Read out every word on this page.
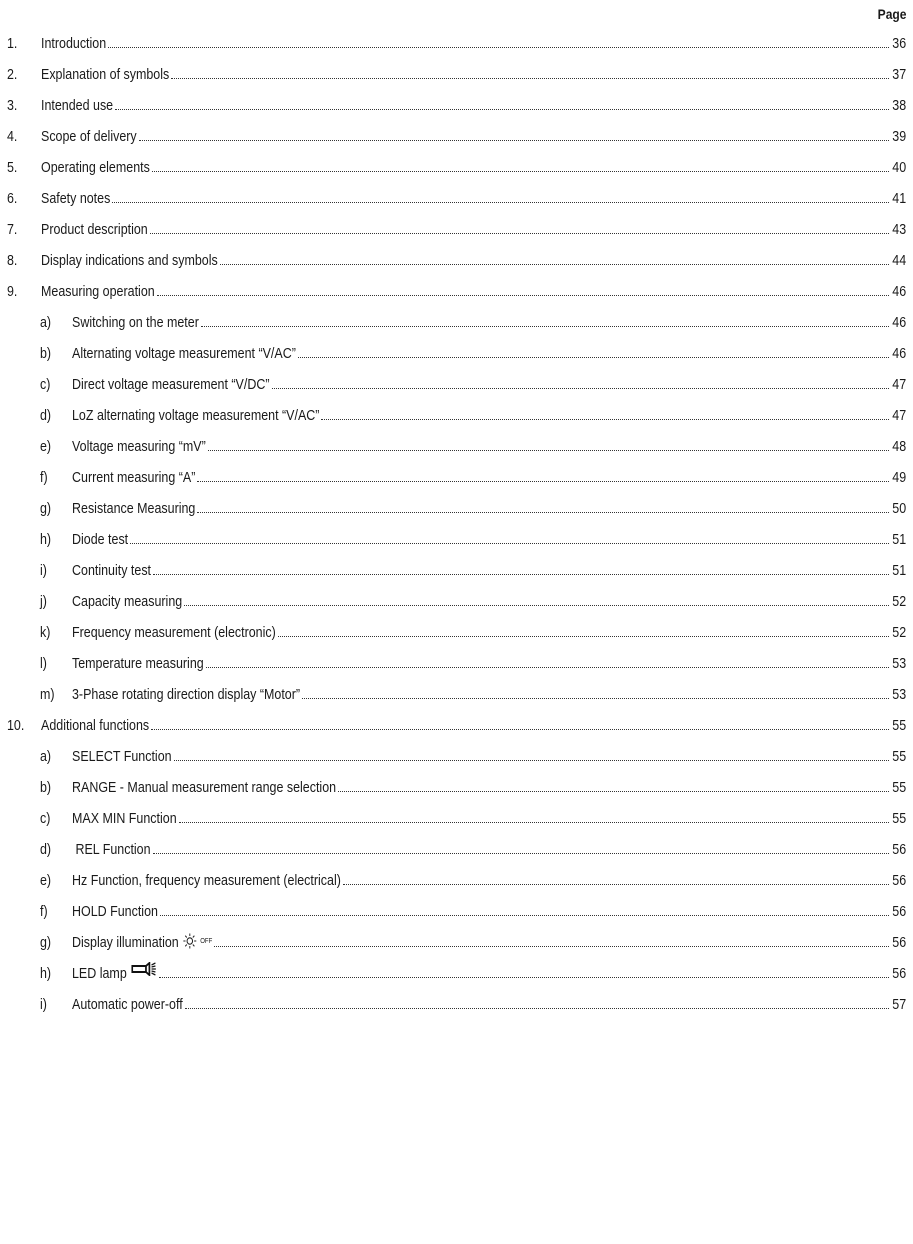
Page
1. Introduction	36
2. Explanation of symbols	37
3. Intended use	38
4. Scope of delivery	39
5. Operating elements	40
6. Safety notes	41
7. Product description	43
8. Display indications and symbols	44
9. Measuring operation	46
a) Switching on the meter	46
b) Alternating voltage measurement “V/AC”	46
c) Direct voltage measurement “V/DC”	47
d) LoZ alternating voltage measurement “V/AC”	47
e) Voltage measuring “mV”	48
f) Current measuring “A”	49
g) Resistance Measuring	50
h) Diode test	51
i) Continuity test	51
j) Capacity measuring	52
k) Frequency measurement (electronic)	52
l) Temperature measuring	53
m) 3-Phase rotating direction display “Motor”	53
10. Additional functions	55
a) SELECT Function	55
b) RANGE - Manual measurement range selection	55
c) MAX MIN Function	55
d) REL Function	56
e) Hz Function, frequency measurement (electrical)	56
f) HOLD Function	56
g) Display illumination	OFF	56
h) LED lamp	56
i) Automatic power-off	57
